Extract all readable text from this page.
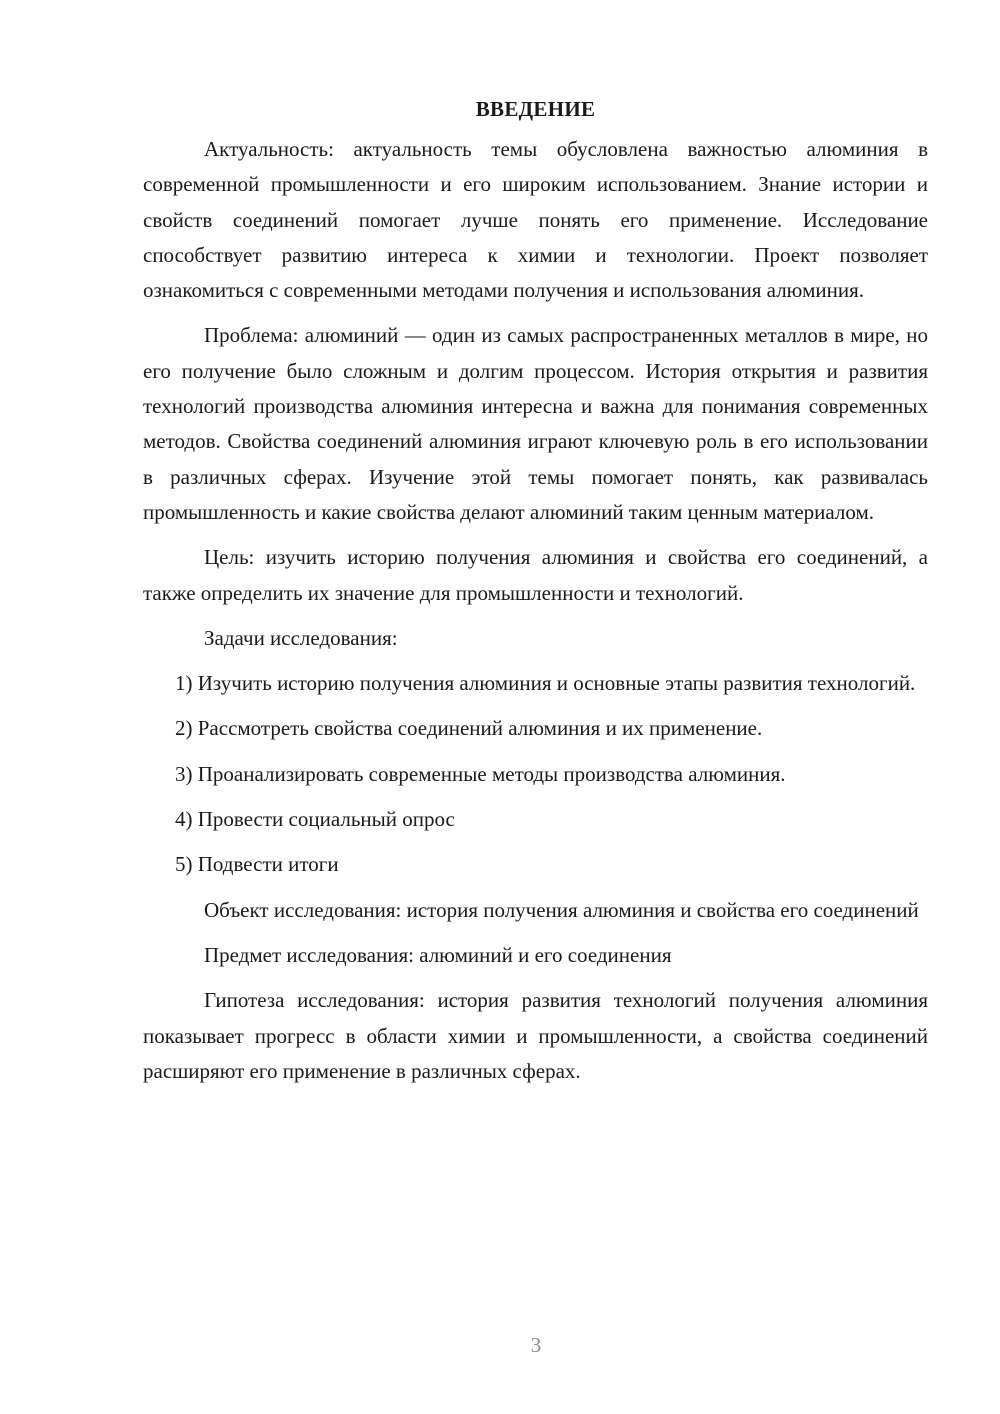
ВВЕДЕНИЕ

Актуальность: актуальность темы обусловлена важностью алюминия в современной промышленности и его широким использованием. Знание истории и свойств соединений помогает лучше понять его применение. Исследование способствует развитию интереса к химии и технологии. Проект позволяет ознакомиться с современными методами получения и использования алюминия.

Проблема: алюминий — один из самых распространенных металлов в мире, но его получение было сложным и долгим процессом. История открытия и развития технологий производства алюминия интересна и важна для понимания современных методов. Свойства соединений алюминия играют ключевую роль в его использовании в различных сферах. Изучение этой темы помогает понять, как развивалась промышленность и какие свойства делают алюминий таким ценным материалом.

Цель: изучить историю получения алюминия и свойства его соединений, а также определить их значение для промышленности и технологий.

Задачи исследования:

1) Изучить историю получения алюминия и основные этапы развития технологий.

2) Рассмотреть свойства соединений алюминия и их применение.

3) Проанализировать современные методы производства алюминия.

4) Провести социальный опрос

5) Подвести итоги

Объект исследования: история получения алюминия и свойства его соединений

Предмет исследования: алюминий и его соединения

Гипотеза исследования: история развития технологий получения алюминия показывает прогресс в области химии и промышленности, а свойства соединений расширяют его применение в различных сферах.

3
